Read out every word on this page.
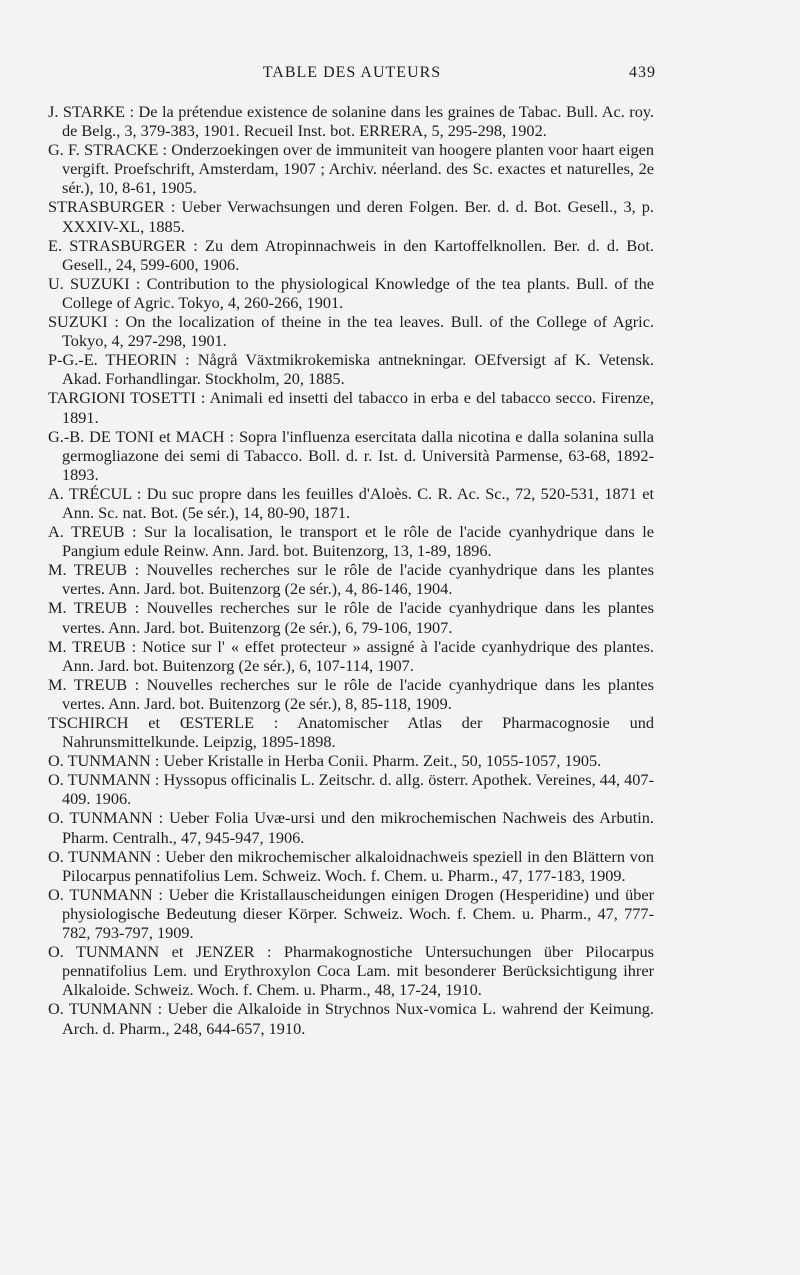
TABLE DES AUTEURS	439

J. STARKE : De la prétendue existence de solanine dans les graines de Tabac. Bull. Ac. roy. de Belg., 3, 379-383, 1901. Recueil Inst. bot. ERRERA, 5, 295-298, 1902.

G. F. STRACKE : Onderzoekingen over de immuniteit van hoogere planten voor haart eigen vergift. Proefschrift, Amsterdam, 1907 ; Archiv. néerland. des Sc. exactes et naturelles, 2e sér.), 10, 8-61, 1905.

STRASBURGER : Ueber Verwachsungen und deren Folgen. Ber. d. d. Bot. Gesell., 3, p. XXXIV-XL, 1885.

E. STRASBURGER : Zu dem Atropinnachweis in den Kartoffelknollen. Ber. d. d. Bot. Gesell., 24, 599-600, 1906.

U. SUZUKI : Contribution to the physiological Knowledge of the tea plants. Bull. of the College of Agric. Tokyo, 4, 260-266, 1901.

SUZUKI : On the localization of theine in the tea leaves. Bull. of the College of Agric. Tokyo, 4, 297-298, 1901.

P-G.-E. THEORIN : Någrå Växtmikrokemiska antnekningar. OEfversigt af K. Vetensk. Akad. Forhandlingar. Stockholm, 20, 1885.

TARGIONI TOSETTI : Animali ed insetti del tabacco in erba e del tabacco secco. Firenze, 1891.

G.-B. DE TONI et MACH : Sopra l'influenza esercitata dalla nicotina e dalla solanina sulla germogliazone dei semi di Tabacco. Boll. d. r. Ist. d. Università Parmense, 63-68, 1892-1893.

A. TRÉCUL : Du suc propre dans les feuilles d'Aloès. C. R. Ac. Sc., 72, 520-531, 1871 et Ann. Sc. nat. Bot. (5e sér.), 14, 80-90, 1871.

A. TREUB : Sur la localisation, le transport et le rôle de l'acide cyanhydrique dans le Pangium edule Reinw. Ann. Jard. bot. Buitenzorg, 13, 1-89, 1896.

M. TREUB : Nouvelles recherches sur le rôle de l'acide cyanhydrique dans les plantes vertes. Ann. Jard. bot. Buitenzorg (2e sér.), 4, 86-146, 1904.

M. TREUB : Nouvelles recherches sur le rôle de l'acide cyanhydrique dans les plantes vertes. Ann. Jard. bot. Buitenzorg (2e sér.), 6, 79-106, 1907.

M. TREUB : Notice sur l' « effet protecteur » assigné à l'acide cyanhydrique des plantes. Ann. Jard. bot. Buitenzorg (2e sér.), 6, 107-114, 1907.

M. TREUB : Nouvelles recherches sur le rôle de l'acide cyanhydrique dans les plantes vertes. Ann. Jard. bot. Buitenzorg (2e sér.), 8, 85-118, 1909.

TSCHIRCH et ŒSTERLE : Anatomischer Atlas der Pharmacognosie und Nahrunsmittelkunde. Leipzig, 1895-1898.

O. TUNMANN : Ueber Kristalle in Herba Conii. Pharm. Zeit., 50, 1055-1057, 1905.

O. TUNMANN : Hyssopus officinalis L. Zeitschr. d. allg. österr. Apothek. Vereines, 44, 407-409. 1906.

O. TUNMANN : Ueber Folia Uvæ-ursi und den mikrochemischen Nachweis des Arbutin. Pharm. Centralh., 47, 945-947, 1906.

O. TUNMANN : Ueber den mikrochemischer alkaloidnachweis speziell in den Blättern von Pilocarpus pennatifolius Lem. Schweiz. Woch. f. Chem. u. Pharm., 47, 177-183, 1909.

O. TUNMANN : Ueber die Kristallauscheidungen einigen Drogen (Hesperidine) und über physiologische Bedeutung dieser Körper. Schweiz. Woch. f. Chem. u. Pharm., 47, 777-782, 793-797, 1909.

O. TUNMANN et JENZER : Pharmakognostiche Untersuchungen über Pilocarpus pennatifolius Lem. und Erythroxylon Coca Lam. mit besonderer Berücksichtigung ihrer Alkaloide. Schweiz. Woch. f. Chem. u. Pharm., 48, 17-24, 1910.

O. TUNMANN : Ueber die Alkaloide in Strychnos Nux-vomica L. wahrend der Keimung. Arch. d. Pharm., 248, 644-657, 1910.
